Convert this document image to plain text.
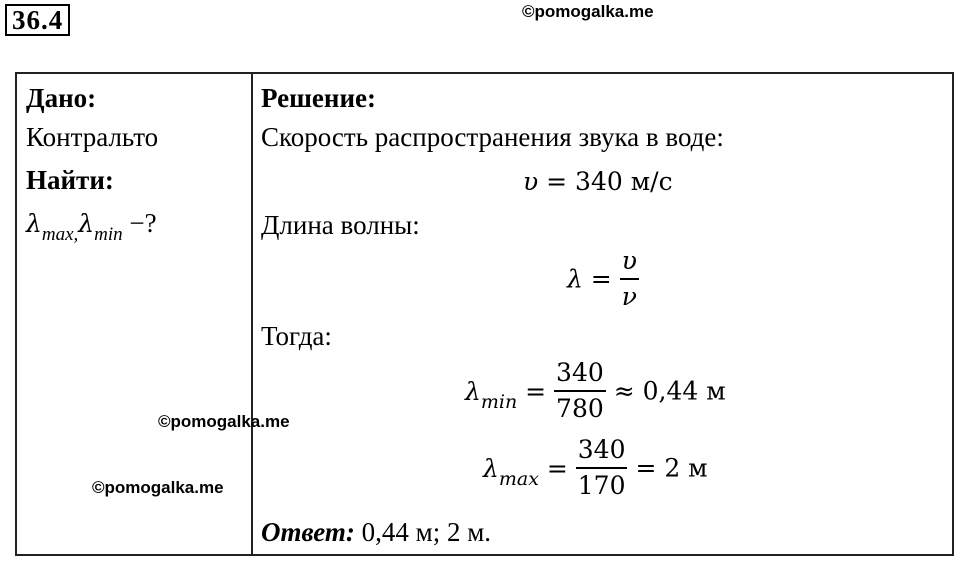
36.4	©pomogalka.me
Дано:
Контральто
Найти:
$\lambda_{max,}\lambda_{min}$ −?
Решение:
Скорость распространения звука в воде:
υ = 340 м/с
Длина волны:
$\lambda = \frac{\upsilon}{\nu}$
Тогда:
$\lambda_{min} = \frac{340}{780} \approx 0,44$ м
$\lambda_{max} = \frac{340}{170} = 2$ м
Ответ: 0,44 м; 2 м.
©pomogalka.me
©pomogalka.me
